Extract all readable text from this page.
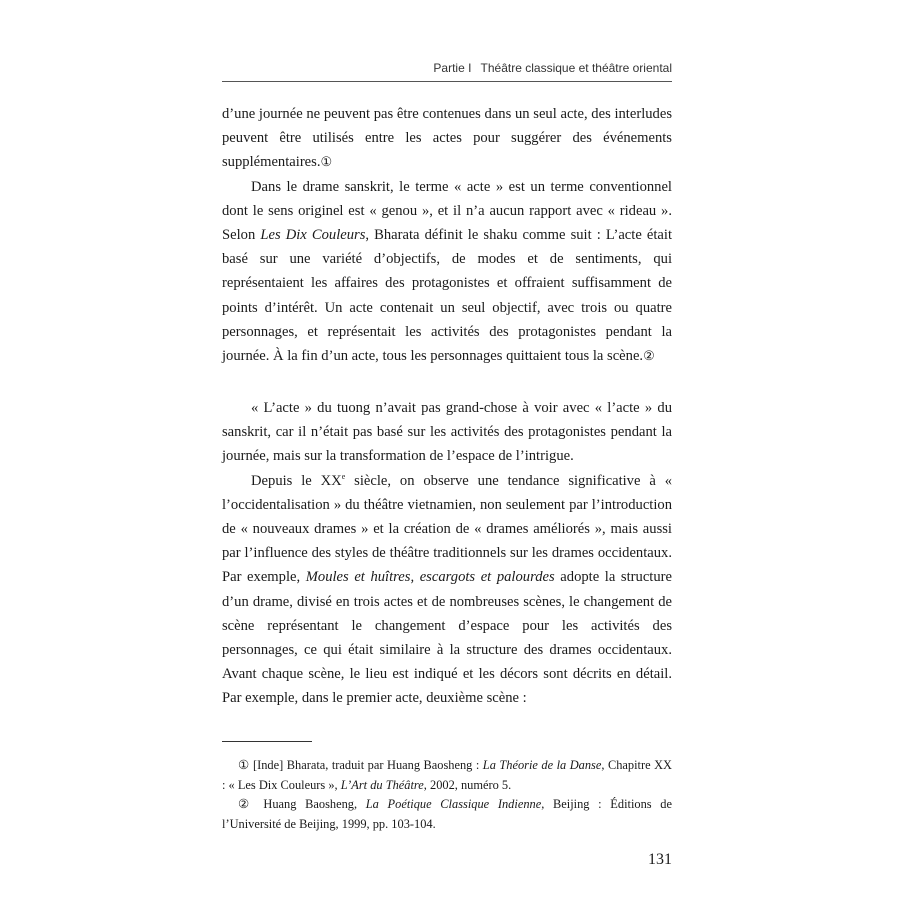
Partie I Théâtre classique et théâtre oriental

d’une journée ne peuvent pas être contenues dans un seul acte, des interludes peuvent être utilisés entre les actes pour suggérer des événements supplémentaires.①

Dans le drame sanskrit, le terme « acte » est un terme conventionnel dont le sens originel est « genou », et il n’a aucun rapport avec « rideau ». Selon Les Dix Couleurs, Bharata définit le shaku comme suit : L’acte était basé sur une variété d’objectifs, de modes et de sentiments, qui représentaient les affaires des protagonistes et offraient suffisamment de points d’intérêt. Un acte contenait un seul objectif, avec trois ou quatre personnages, et représentait les activités des protagonistes pendant la journée. À la fin d’un acte, tous les personnages quittaient tous la scène.②

« L’acte » du tuong n’avait pas grand-chose à voir avec « l’acte » du sanskrit, car il n’était pas basé sur les activités des protagonistes pendant la journée, mais sur la transformation de l’espace de l’intrigue.

Depuis le XXe siècle, on observe une tendance significative à « l’occidentalisation » du théâtre vietnamien, non seulement par l’introduction de « nouveaux drames » et la création de « drames améliorés », mais aussi par l’influence des styles de théâtre traditionnels sur les drames occidentaux. Par exemple, Moules et huîtres, escargots et palourdes adopte la structure d’un drame, divisé en trois actes et de nombreuses scènes, le changement de scène représentant le changement d’espace pour les activités des personnages, ce qui était similaire à la structure des drames occidentaux. Avant chaque scène, le lieu est indiqué et les décors sont décrits en détail. Par exemple, dans le premier acte, deuxième scène :

① [Inde] Bharata, traduit par Huang Baosheng : La Théorie de la Danse, Chapitre XX : « Les Dix Couleurs », L’Art du Théâtre, 2002, numéro 5.

② Huang Baosheng, La Poétique Classique Indienne, Beijing : Éditions de l’Université de Beijing, 1999, pp. 103-104.

131
